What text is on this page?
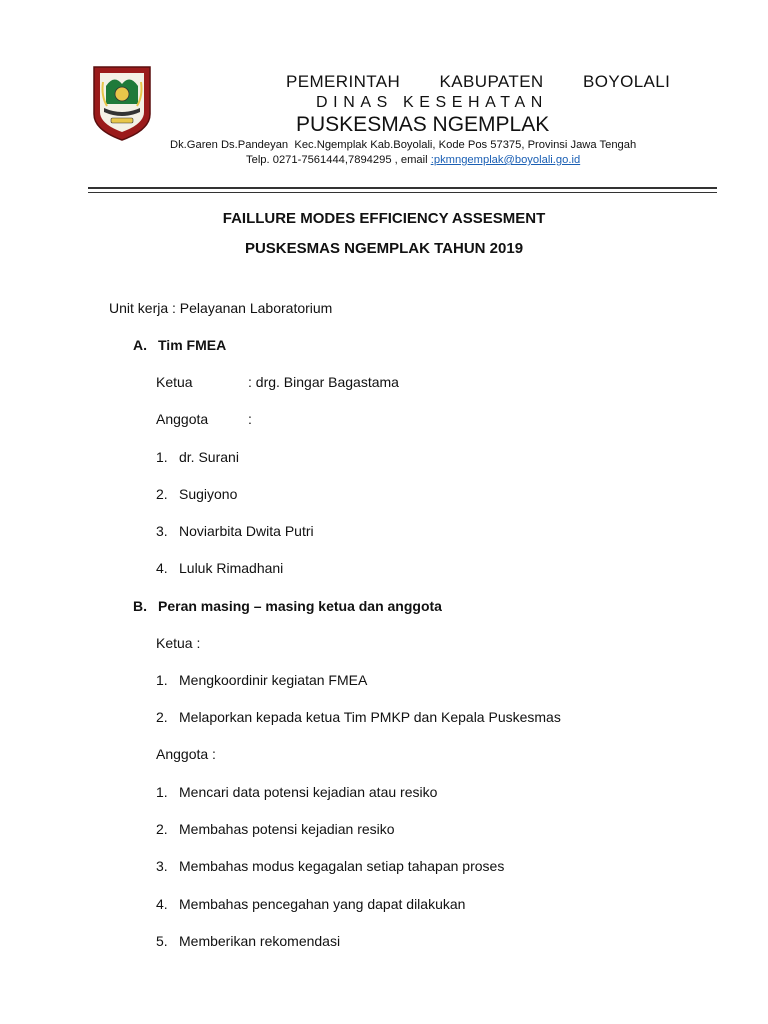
PEMERINTAH   KABUPATEN   BOYOLALI
DINAS KESEHATAN
PUSKESMAS NGEMPLAK
Dk.Garen Ds.Pandeyan  Kec.Ngemplak Kab.Boyolali, Kode Pos 57375, Provinsi Jawa Tengah
Telp. 0271-7561444,7894295 , email :pkmngemplak@boyolali.go.id
FAILLURE MODES EFFICIENCY ASSESMENT
PUSKESMAS NGEMPLAK TAHUN 2019
Unit kerja : Pelayanan Laboratorium
A. Tim FMEA
Ketua	: drg. Bingar Bagastama
Anggota	:
1. dr. Surani
2. Sugiyono
3. Noviarbita Dwita Putri
4. Luluk Rimadhani
B. Peran masing – masing ketua dan anggota
Ketua :
1. Mengkoordinir kegiatan FMEA
2. Melaporkan kepada ketua Tim PMKP dan Kepala Puskesmas
Anggota :
1. Mencari data potensi kejadian atau resiko
2. Membahas potensi kejadian resiko
3. Membahas modus kegagalan setiap tahapan proses
4. Membahas pencegahan yang dapat dilakukan
5. Memberikan rekomendasi
